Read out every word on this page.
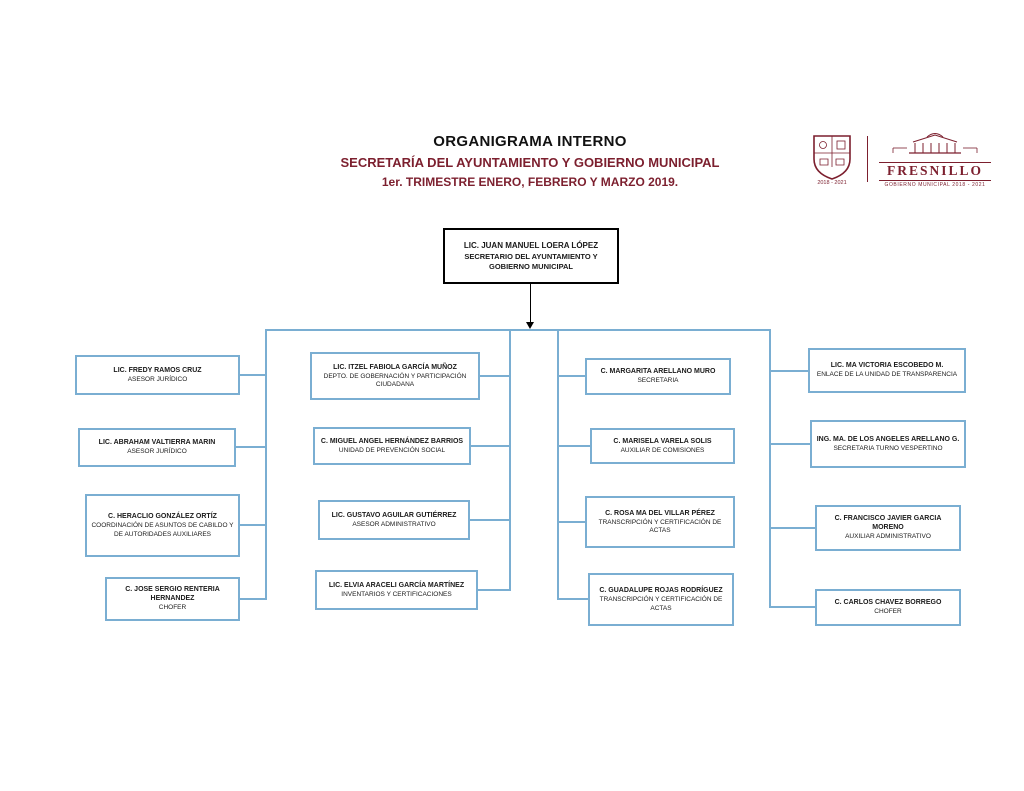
ORGANIGRAMA INTERNO
SECRETARÍA DEL AYUNTAMIENTO Y GOBIERNO MUNICIPAL
1er. TRIMESTRE ENERO, FEBRERO Y MARZO 2019.	2018 - 2021
FRESNILLO
GOBIERNO MUNICIPAL 2018 - 2021
LIC. JUAN MANUEL LOERA LÓPEZ
SECRETARIO DEL AYUNTAMIENTO Y GOBIERNO MUNICIPAL
LIC. FREDY RAMOS CRUZ
ASESOR JURÍDICO
LIC. ABRAHAM VALTIERRA MARIN
ASESOR JURÍDICO
C. HERACLIO GONZÁLEZ ORTÍZ
COORDINACIÓN DE ASUNTOS DE CABILDO Y DE AUTORIDADES AUXILIARES
C. JOSE SERGIO RENTERIA HERNANDEZ
CHOFER
LIC. ITZEL FABIOLA GARCÍA MUÑOZ
DEPTO. DE GOBERNACIÓN Y PARTICIPACIÓN CIUDADANA
C. MIGUEL ANGEL HERNÁNDEZ BARRIOS
UNIDAD DE PREVENCIÓN SOCIAL
LIC. GUSTAVO AGUILAR GUTIÉRREZ
ASESOR ADMINISTRATIVO
LIC. ELVIA ARACELI GARCÍA MARTÍNEZ
INVENTARIOS Y CERTIFICACIONES
C. MARGARITA ARELLANO MURO
SECRETARIA
C. MARISELA VARELA SOLIS
AUXILIAR DE COMISIONES
C. ROSA MA DEL VILLAR PÉREZ
TRANSCRIPCIÓN Y CERTIFICACIÓN DE ACTAS
C. GUADALUPE ROJAS RODRÍGUEZ
TRANSCRIPCIÓN Y CERTIFICACIÓN DE ACTAS
LIC. MA VICTORIA ESCOBEDO M.
ENLACE DE LA UNIDAD DE TRANSPARENCIA
ING. MA. DE LOS ANGELES ARELLANO G.
SECRETARIA TURNO VESPERTINO
C. FRANCISCO JAVIER GARCIA MORENO
AUXILIAR ADMINISTRATIVO
C. CARLOS CHAVEZ BORREGO
CHOFER
